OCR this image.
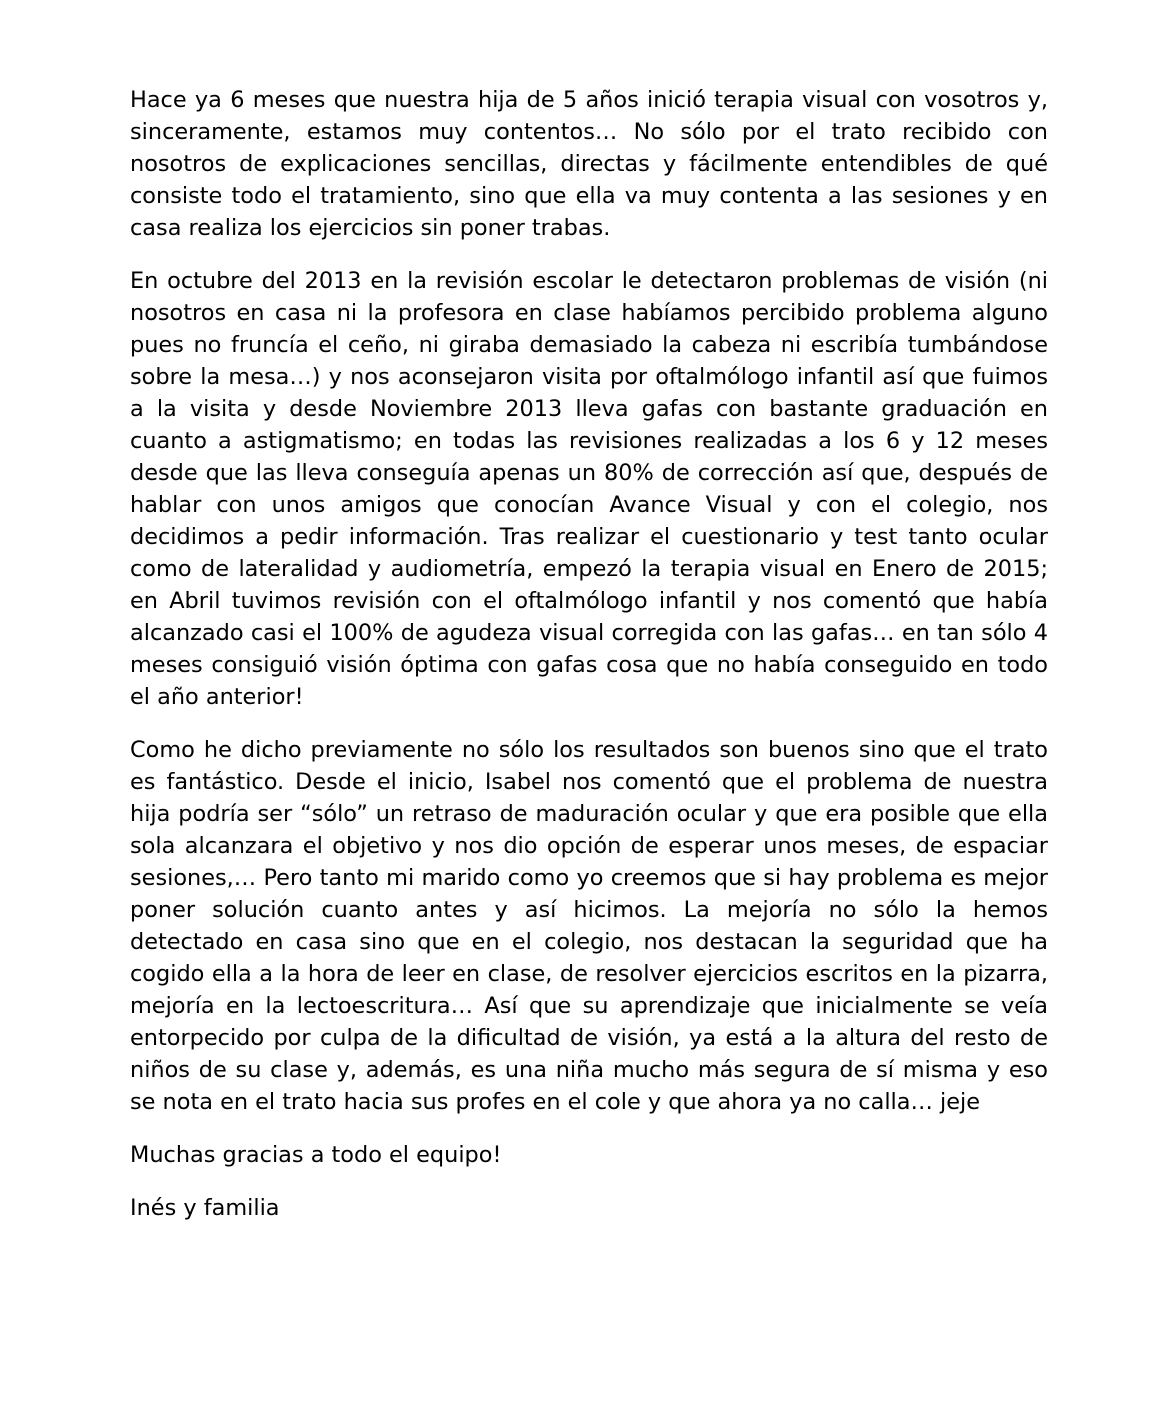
Hace ya 6 meses que nuestra hija de 5 años inició terapia visual con vosotros y, sinceramente, estamos muy contentos… No sólo por el trato recibido con nosotros de explicaciones sencillas, directas y fácilmente entendibles de qué consiste todo el tratamiento, sino que ella va muy contenta a las sesiones y en casa realiza los ejercicios sin poner trabas.

En octubre del 2013 en la revisión escolar le detectaron problemas de visión (ni nosotros en casa ni la profesora en clase habíamos percibido problema alguno pues no fruncía el ceño, ni giraba demasiado la cabeza ni escribía tumbándose sobre la mesa…) y nos aconsejaron visita por oftalmólogo infantil así que fuimos a la visita y desde Noviembre 2013 lleva gafas con bastante graduación en cuanto a astigmatismo; en todas las revisiones realizadas a los 6 y 12 meses desde que las lleva conseguía apenas un 80% de corrección así que, después de hablar con unos amigos que conocían Avance Visual y con el colegio, nos decidimos a pedir información. Tras realizar el cuestionario y test tanto ocular como de lateralidad y audiometría, empezó la terapia visual en Enero de 2015; en Abril tuvimos revisión con el oftalmólogo infantil y nos comentó que había alcanzado casi el 100% de agudeza visual corregida con las gafas… en tan sólo 4 meses consiguió visión óptima con gafas cosa que no había conseguido en todo el año anterior!

Como he dicho previamente no sólo los resultados son buenos sino que el trato es fantástico. Desde el inicio, Isabel nos comentó que el problema de nuestra hija podría ser “sólo” un retraso de maduración ocular y que era posible que ella sola alcanzara el objetivo y nos dio opción de esperar unos meses, de espaciar sesiones,… Pero tanto mi marido como yo creemos que si hay problema es mejor poner solución cuanto antes y así hicimos. La mejoría no sólo la hemos detectado en casa sino que en el colegio, nos destacan la seguridad que ha cogido ella a la hora de leer en clase, de resolver ejercicios escritos en la pizarra, mejoría en la lectoescritura… Así que su aprendizaje que inicialmente se veía entorpecido por culpa de la dificultad de visión, ya está a la altura del resto de niños de su clase y, además, es una niña mucho más segura de sí misma y eso se nota en el trato hacia sus profes en el cole y que ahora ya no calla… jeje

Muchas gracias a todo el equipo!

Inés y familia
